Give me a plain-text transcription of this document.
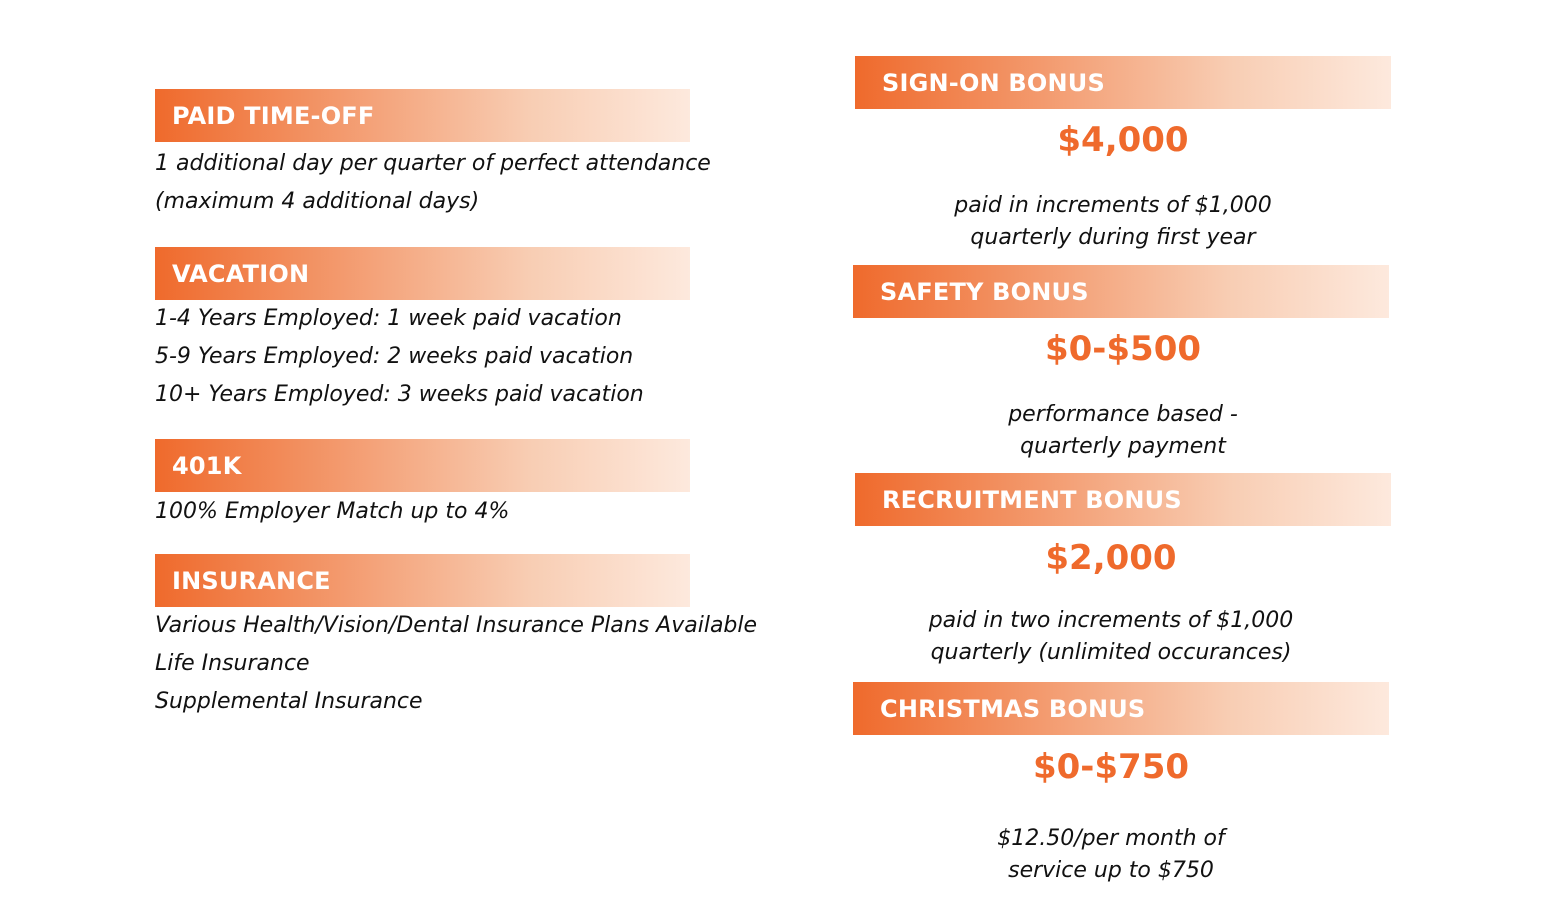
PAID TIME-OFF
1 additional day per quarter of perfect attendance
(maximum 4 additional days)
VACATION
1-4 Years Employed: 1 week paid vacation
5-9 Years Employed: 2 weeks paid vacation
10+ Years Employed: 3 weeks paid vacation
401K
100% Employer Match up to 4%
INSURANCE
Various Health/Vision/Dental Insurance Plans Available
Life Insurance
Supplemental Insurance
SIGN-ON BONUS
$4,000
paid in increments of $1,000
quarterly during first year
SAFETY BONUS
$0-$500
performance based -
quarterly payment
RECRUITMENT BONUS
$2,000
paid in two increments of $1,000
quarterly (unlimited occurances)
CHRISTMAS BONUS
$0-$750
$12.50/per month of
service up to $750
